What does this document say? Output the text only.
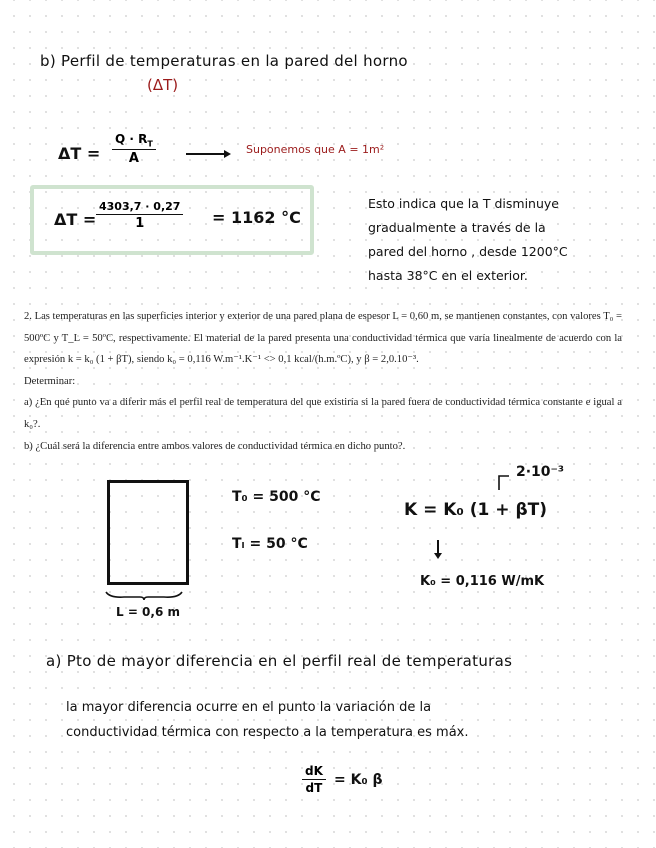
b) Perfil de temperaturas en la pared del horno
(ΔT)
$\Delta T = \frac{Q \cdot R_T}{A}$	Suponemos que A = 1m²
ΔT =
4303,7 · 0,27
1	= 1162 °C
Esto indica que la T disminuye
gradualmente a través de la
pared del horno , desde 1200°C
hasta 38°C en el exterior.

2. Las temperaturas en las superficies interior y exterior de una pared plana de espesor L = 0,60 m, se mantienen constantes, con valores T₀ = 500ºC y T_L = 50ºC, respectivamente. El material de la pared presenta una conductividad térmica que varía linealmente de acuerdo con la expresión k = k₀ (1 + βT), siendo k₀ = 0,116 W.m⁻¹.K⁻¹ <> 0,1 kcal/(h.m.ºC), y β = 2,0.10⁻³.

Determinar:

a) ¿En qué punto va a diferir más el perfil real de temperatura del que existiría si la pared fuera de conductividad térmica constante e igual a k₀?.

b) ¿Cuál será la diferencia entre ambos valores de conductividad térmica en dicho punto?.

L = 0,6 m
T₀ = 500 °C
Tₗ = 50 °C
2·10⁻³
K = K₀ (1 + βT)
K₀ = 0,116 W/mK
a) Pto de mayor diferencia en el perfil real de temperaturas
la mayor diferencia ocurre en el punto la variación de la
conductividad térmica con respecto a la temperatura es máx.
$\frac{dK}{dT} = K_0$ β
